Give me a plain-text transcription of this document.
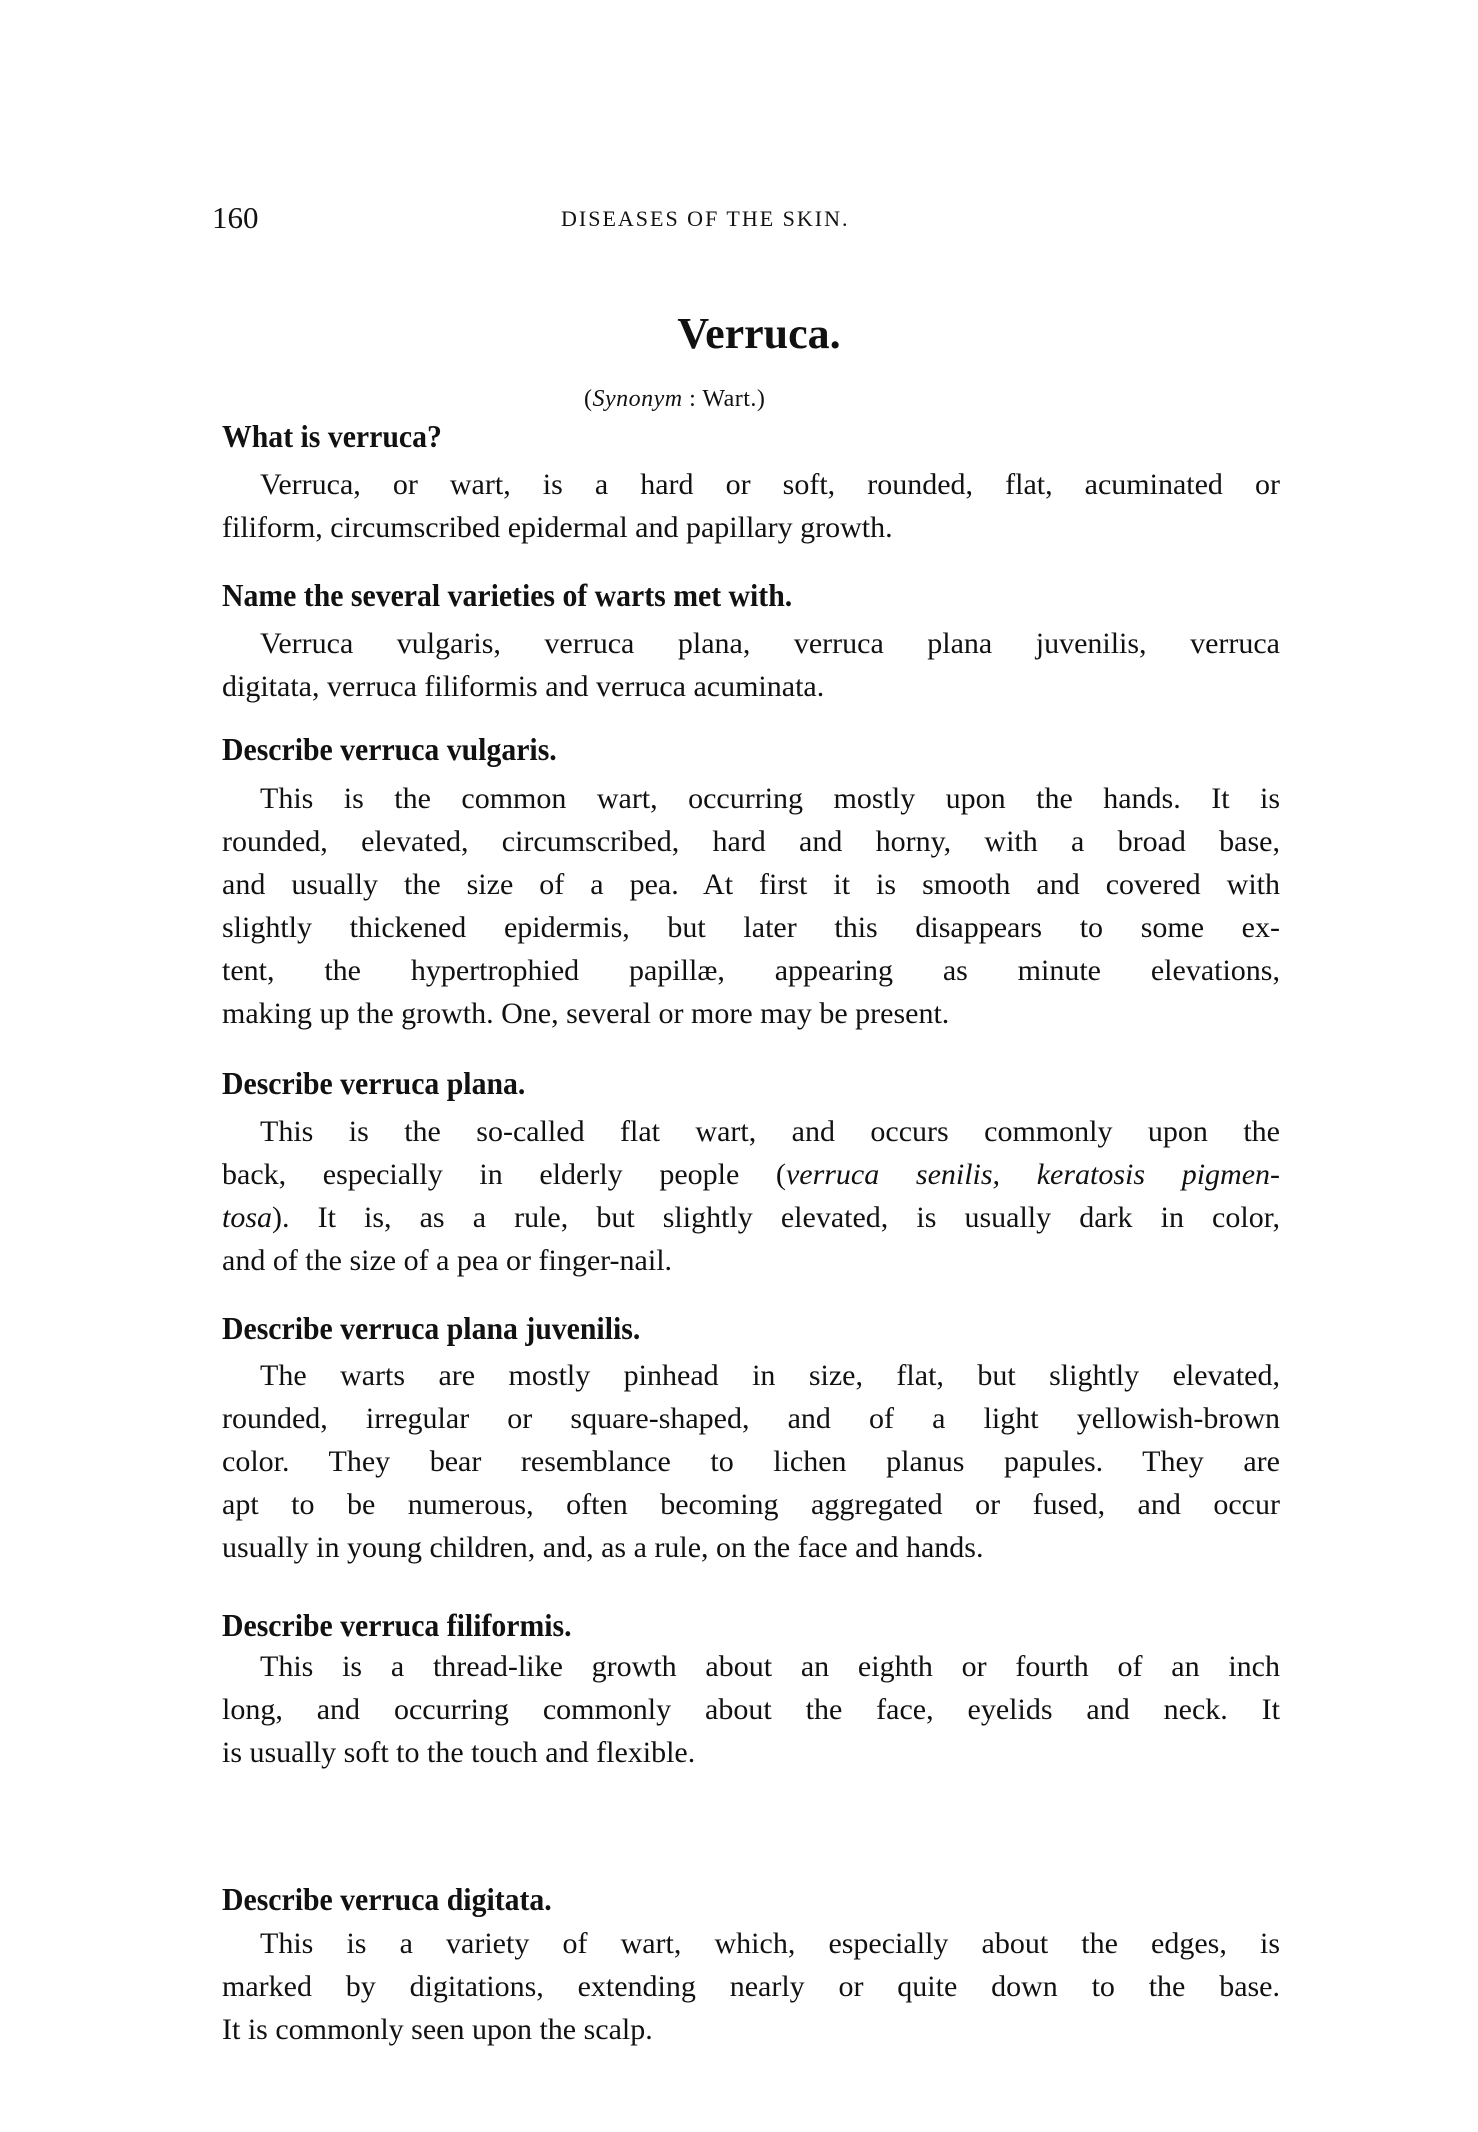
160	DISEASES OF THE SKIN.
Verruca.
(Synonym : Wart.)
What is verruca?
Verruca, or wart, is a hard or soft, rounded, flat, acuminated or
filiform, circumscribed epidermal and papillary growth.
Name the several varieties of warts met with.
Verruca vulgaris, verruca plana, verruca plana juvenilis, verruca
digitata, verruca filiformis and verruca acuminata.
Describe verruca vulgaris.
This is the common wart, occurring mostly upon the hands. It is
rounded, elevated, circumscribed, hard and horny, with a broad base,
and usually the size of a pea. At first it is smooth and covered with
slightly thickened epidermis, but later this disappears to some ex-
tent, the hypertrophied papillæ, appearing as minute elevations,
making up the growth. One, several or more may be present.
Describe verruca plana.
This is the so-called flat wart, and occurs commonly upon the
back, especially in elderly people (verruca senilis, keratosis pigmen-
tosa). It is, as a rule, but slightly elevated, is usually dark in color,
and of the size of a pea or finger-nail.
Describe verruca plana juvenilis.
The warts are mostly pinhead in size, flat, but slightly elevated,
rounded, irregular or square-shaped, and of a light yellowish-brown
color. They bear resemblance to lichen planus papules. They are
apt to be numerous, often becoming aggregated or fused, and occur
usually in young children, and, as a rule, on the face and hands.
Describe verruca filiformis.
This is a thread-like growth about an eighth or fourth of an inch
long, and occurring commonly about the face, eyelids and neck. It
is usually soft to the touch and flexible.
Describe verruca digitata.
This is a variety of wart, which, especially about the edges, is
marked by digitations, extending nearly or quite down to the base.
It is commonly seen upon the scalp.
